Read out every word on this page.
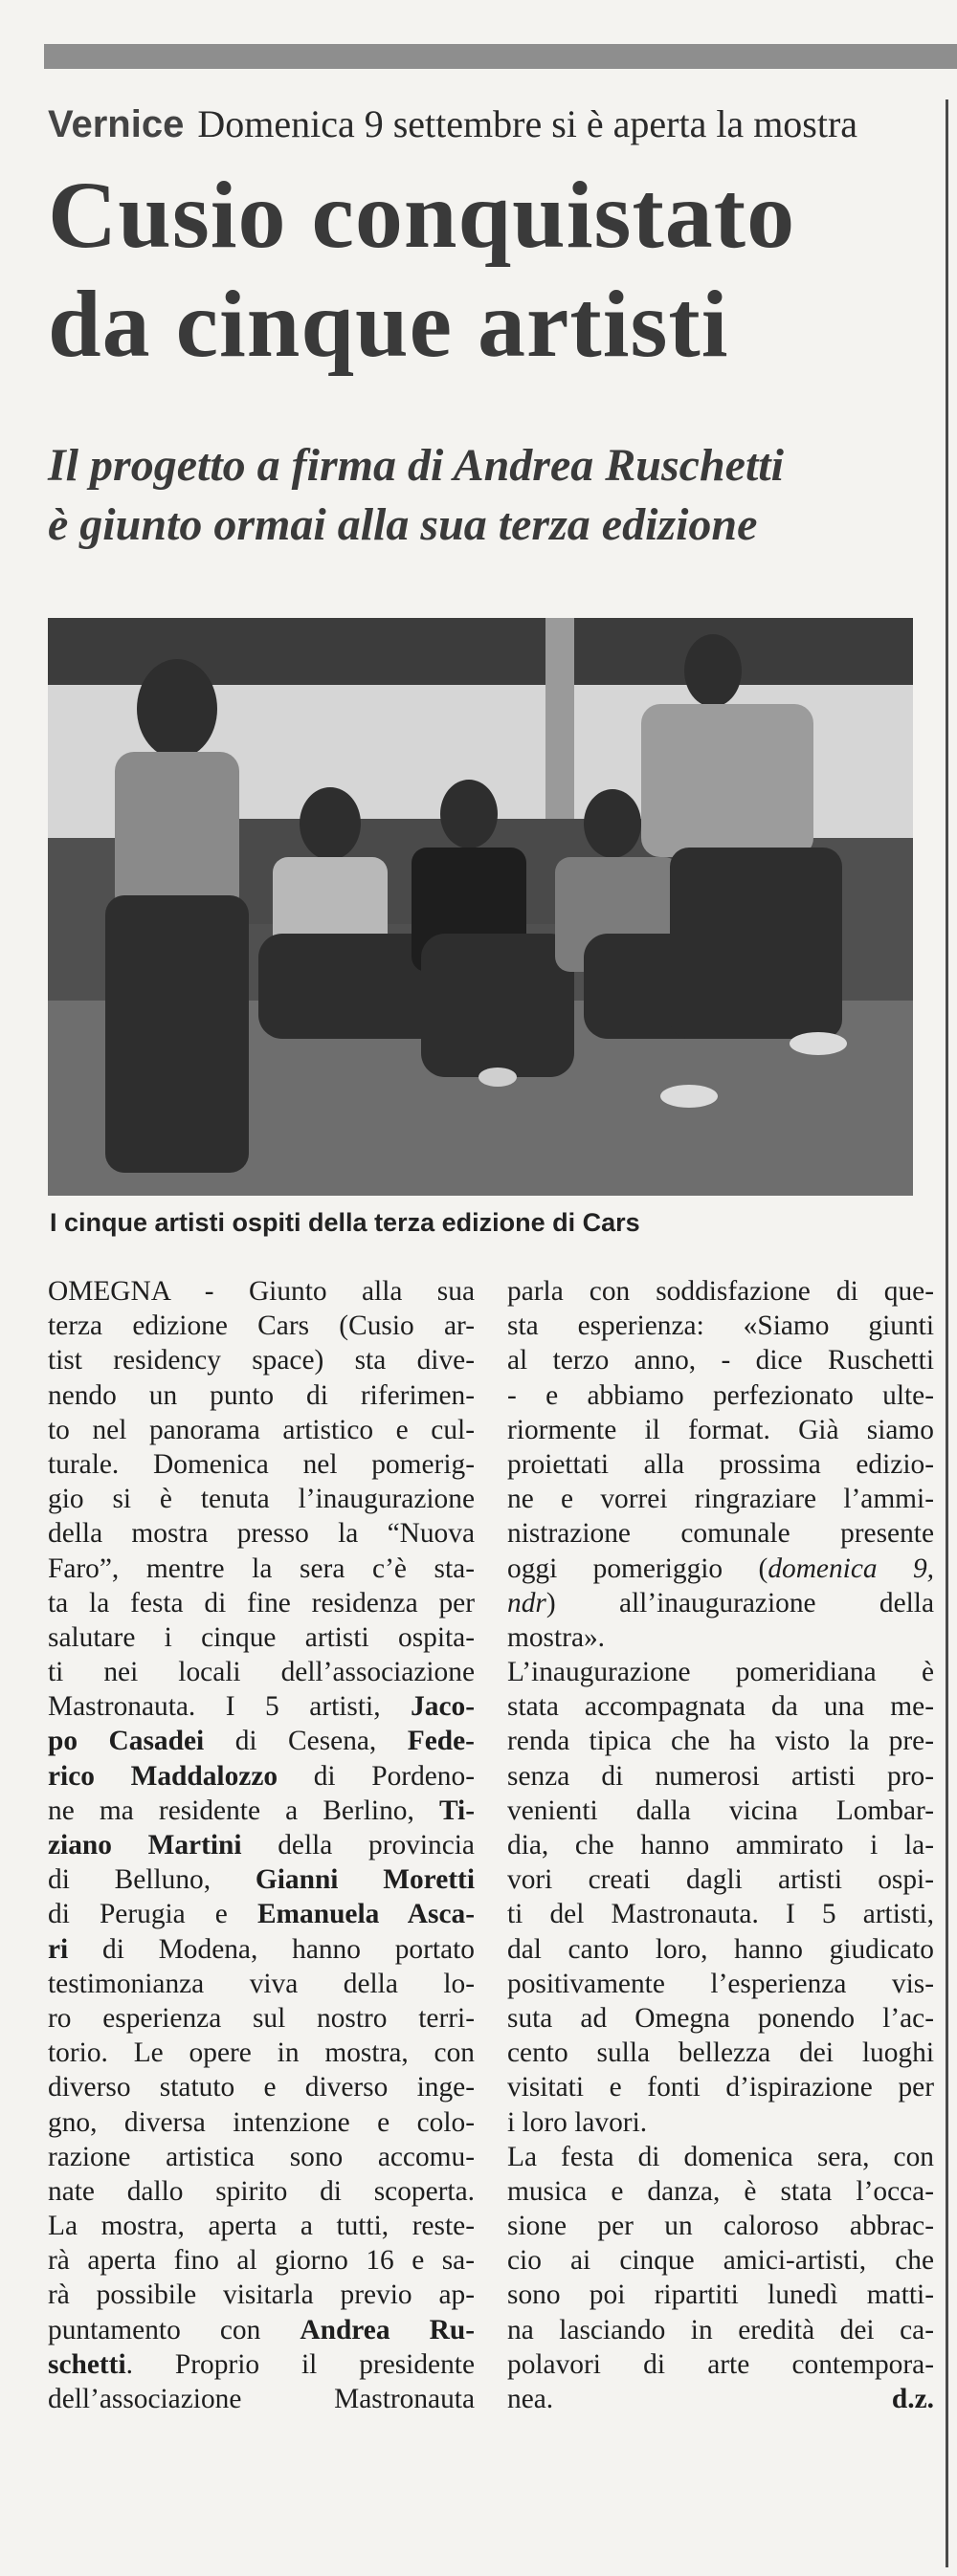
Vernice Domenica 9 settembre si è aperta la mostra
Cusio conquistato
da cinque artisti
Il progetto a firma di Andrea Ruschetti
è giunto ormai alla sua terza edizione
I cinque artisti ospiti della terza edizione di Cars
OMEGNA - Giunto alla sua
terza edizione Cars (Cusio ar-
tist residency space) sta dive-
nendo un punto di riferimen-
to nel panorama artistico e cul-
turale. Domenica nel pomerig-
gio si è tenuta l’inaugurazione
della mostra presso la “Nuova
Faro”, mentre la sera c’è sta-
ta la festa di fine residenza per
salutare i cinque artisti ospita-
ti nei locali dell’associazione
Mastronauta. I 5 artisti, Jaco-
po Casadei di Cesena, Fede-
rico Maddalozzo di Pordeno-
ne ma residente a Berlino, Ti-
ziano Martini della provincia
di Belluno, Gianni Moretti
di Perugia e Emanuela Ascа-
ri di Modena, hanno portato
testimonianza viva della lo-
ro esperienza sul nostro terri-
torio. Le opere in mostra, con
diverso statuto e diverso inge-
gno, diversa intenzione e colo-
razione artistica sono accomu-
nate dallo spirito di scoperta.
La mostra, aperta a tutti, reste-
rà aperta fino al giorno 16 e sa-
rà possibile visitarla previo ap-
puntamento con Andrea Ru-
schetti. Proprio il presidente
dell’associazione Mastronauta
parla con soddisfazione di que-
sta esperienza: «Siamo giunti
al terzo anno, - dice Ruschetti
- e abbiamo perfezionato ulte-
riormente il format. Già siamo
proiettati alla prossima edizio-
ne e vorrei ringraziare l’ammi-
nistrazione comunale presente
oggi pomeriggio (domenica 9,
ndr) all’inaugurazione della
mostra».
L’inaugurazione pomeridiana è
stata accompagnata da una me-
renda tipica che ha visto la pre-
senza di numerosi artisti pro-
venienti dalla vicina Lombar-
dia, che hanno ammirato i la-
vori creati dagli artisti ospi-
ti del Mastronauta. I 5 artisti,
dal canto loro, hanno giudicato
positivamente l’esperienza vis-
suta ad Omegna ponendo l’ac-
cento sulla bellezza dei luoghi
visitati e fonti d’ispirazione per
i loro lavori.
La festa di domenica sera, con
musica e danza, è stata l’occa-
sione per un caloroso abbrac-
cio ai cinque amici-artisti, che
sono poi ripartiti lunedì matti-
na lasciando in eredità dei ca-
polavori di arte contempora-
nea.	d.z.
